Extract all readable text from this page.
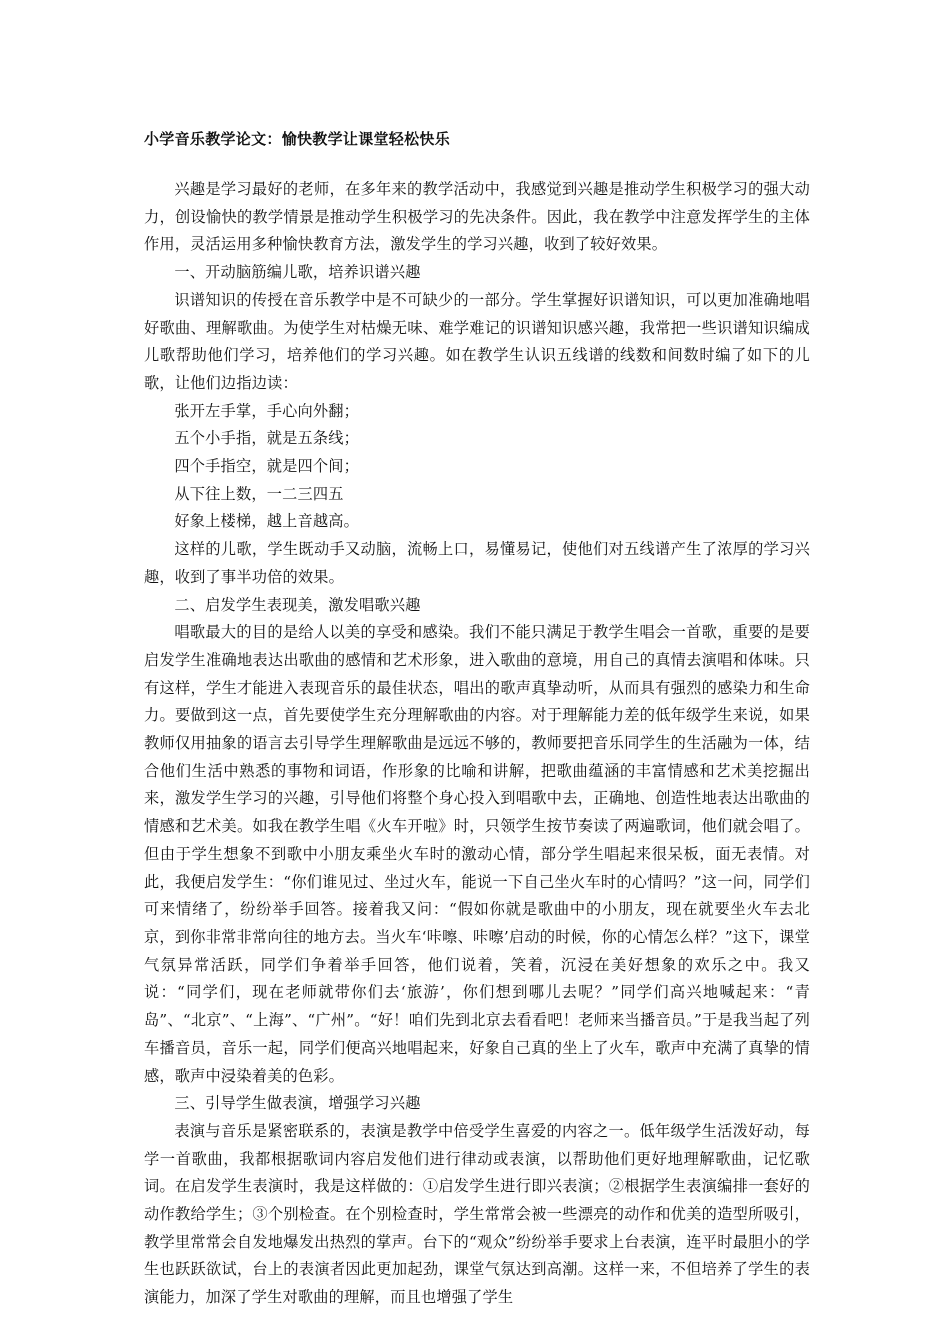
小学音乐教学论文：愉快教学让课堂轻松快乐

兴趣是学习最好的老师，在多年来的教学活动中，我感觉到兴趣是推动学生积极学习的强大动力，创设愉快的教学情景是推动学生积极学习的先决条件。因此，我在教学中注意发挥学生的主体作用，灵活运用多种愉快教育方法，激发学生的学习兴趣，收到了较好效果。

一、开动脑筋编儿歌，培养识谱兴趣

识谱知识的传授在音乐教学中是不可缺少的一部分。学生掌握好识谱知识，可以更加准确地唱好歌曲、理解歌曲。为使学生对枯燥无味、难学难记的识谱知识感兴趣，我常把一些识谱知识编成儿歌帮助他们学习，培养他们的学习兴趣。如在教学生认识五线谱的线数和间数时编了如下的儿歌，让他们边指边读：

张开左手掌，手心向外翻；

五个小手指，就是五条线；

四个手指空，就是四个间；

从下往上数，一二三四五

好象上楼梯，越上音越高。

这样的儿歌，学生既动手又动脑，流畅上口，易懂易记，使他们对五线谱产生了浓厚的学习兴趣，收到了事半功倍的效果。

二、启发学生表现美，激发唱歌兴趣

唱歌最大的目的是给人以美的享受和感染。我们不能只满足于教学生唱会一首歌，重要的是要启发学生准确地表达出歌曲的感情和艺术形象，进入歌曲的意境，用自己的真情去演唱和体味。只有这样，学生才能进入表现音乐的最佳状态，唱出的歌声真挚动听，从而具有强烈的感染力和生命力。要做到这一点，首先要使学生充分理解歌曲的内容。对于理解能力差的低年级学生来说，如果教师仅用抽象的语言去引导学生理解歌曲是远远不够的，教师要把音乐同学生的生活融为一体，结合他们生活中熟悉的事物和词语，作形象的比喻和讲解，把歌曲蕴涵的丰富情感和艺术美挖掘出来，激发学生学习的兴趣，引导他们将整个身心投入到唱歌中去，正确地、创造性地表达出歌曲的情感和艺术美。如我在教学生唱《火车开啦》时，只领学生按节奏读了两遍歌词，他们就会唱了。但由于学生想象不到歌中小朋友乘坐火车时的激动心情，部分学生唱起来很呆板，面无表情。对此，我便启发学生：“你们谁见过、坐过火车，能说一下自己坐火车时的心情吗？”这一问，同学们可来情绪了，纷纷举手回答。接着我又问：“假如你就是歌曲中的小朋友，现在就要坐火车去北京，到你非常非常向往的地方去。当火车‘咔嚓、咔嚓’启动的时候，你的心情怎么样？”这下，课堂气氛异常活跃，同学们争着举手回答，他们说着，笑着，沉浸在美好想象的欢乐之中。我又说：“同学们，现在老师就带你们去‘旅游’，你们想到哪儿去呢？”同学们高兴地喊起来：“青岛”、“北京”、“上海”、“广州”。“好！咱们先到北京去看看吧！老师来当播音员。”于是我当起了列车播音员，音乐一起，同学们便高兴地唱起来，好象自己真的坐上了火车，歌声中充满了真挚的情感，歌声中浸染着美的色彩。

三、引导学生做表演，增强学习兴趣

表演与音乐是紧密联系的，表演是教学中倍受学生喜爱的内容之一。低年级学生活泼好动，每学一首歌曲，我都根据歌词内容启发他们进行律动或表演，以帮助他们更好地理解歌曲，记忆歌词。在启发学生表演时，我是这样做的：①启发学生进行即兴表演；②根据学生表演编排一套好的动作教给学生；③个别检查。在个别检查时，学生常常会被一些漂亮的动作和优美的造型所吸引，教学里常常会自发地爆发出热烈的掌声。台下的“观众”纷纷举手要求上台表演，连平时最胆小的学生也跃跃欲试，台上的表演者因此更加起劲，课堂气氛达到高潮。这样一来，不但培养了学生的表演能力，加深了学生对歌曲的理解，而且也增强了学生
